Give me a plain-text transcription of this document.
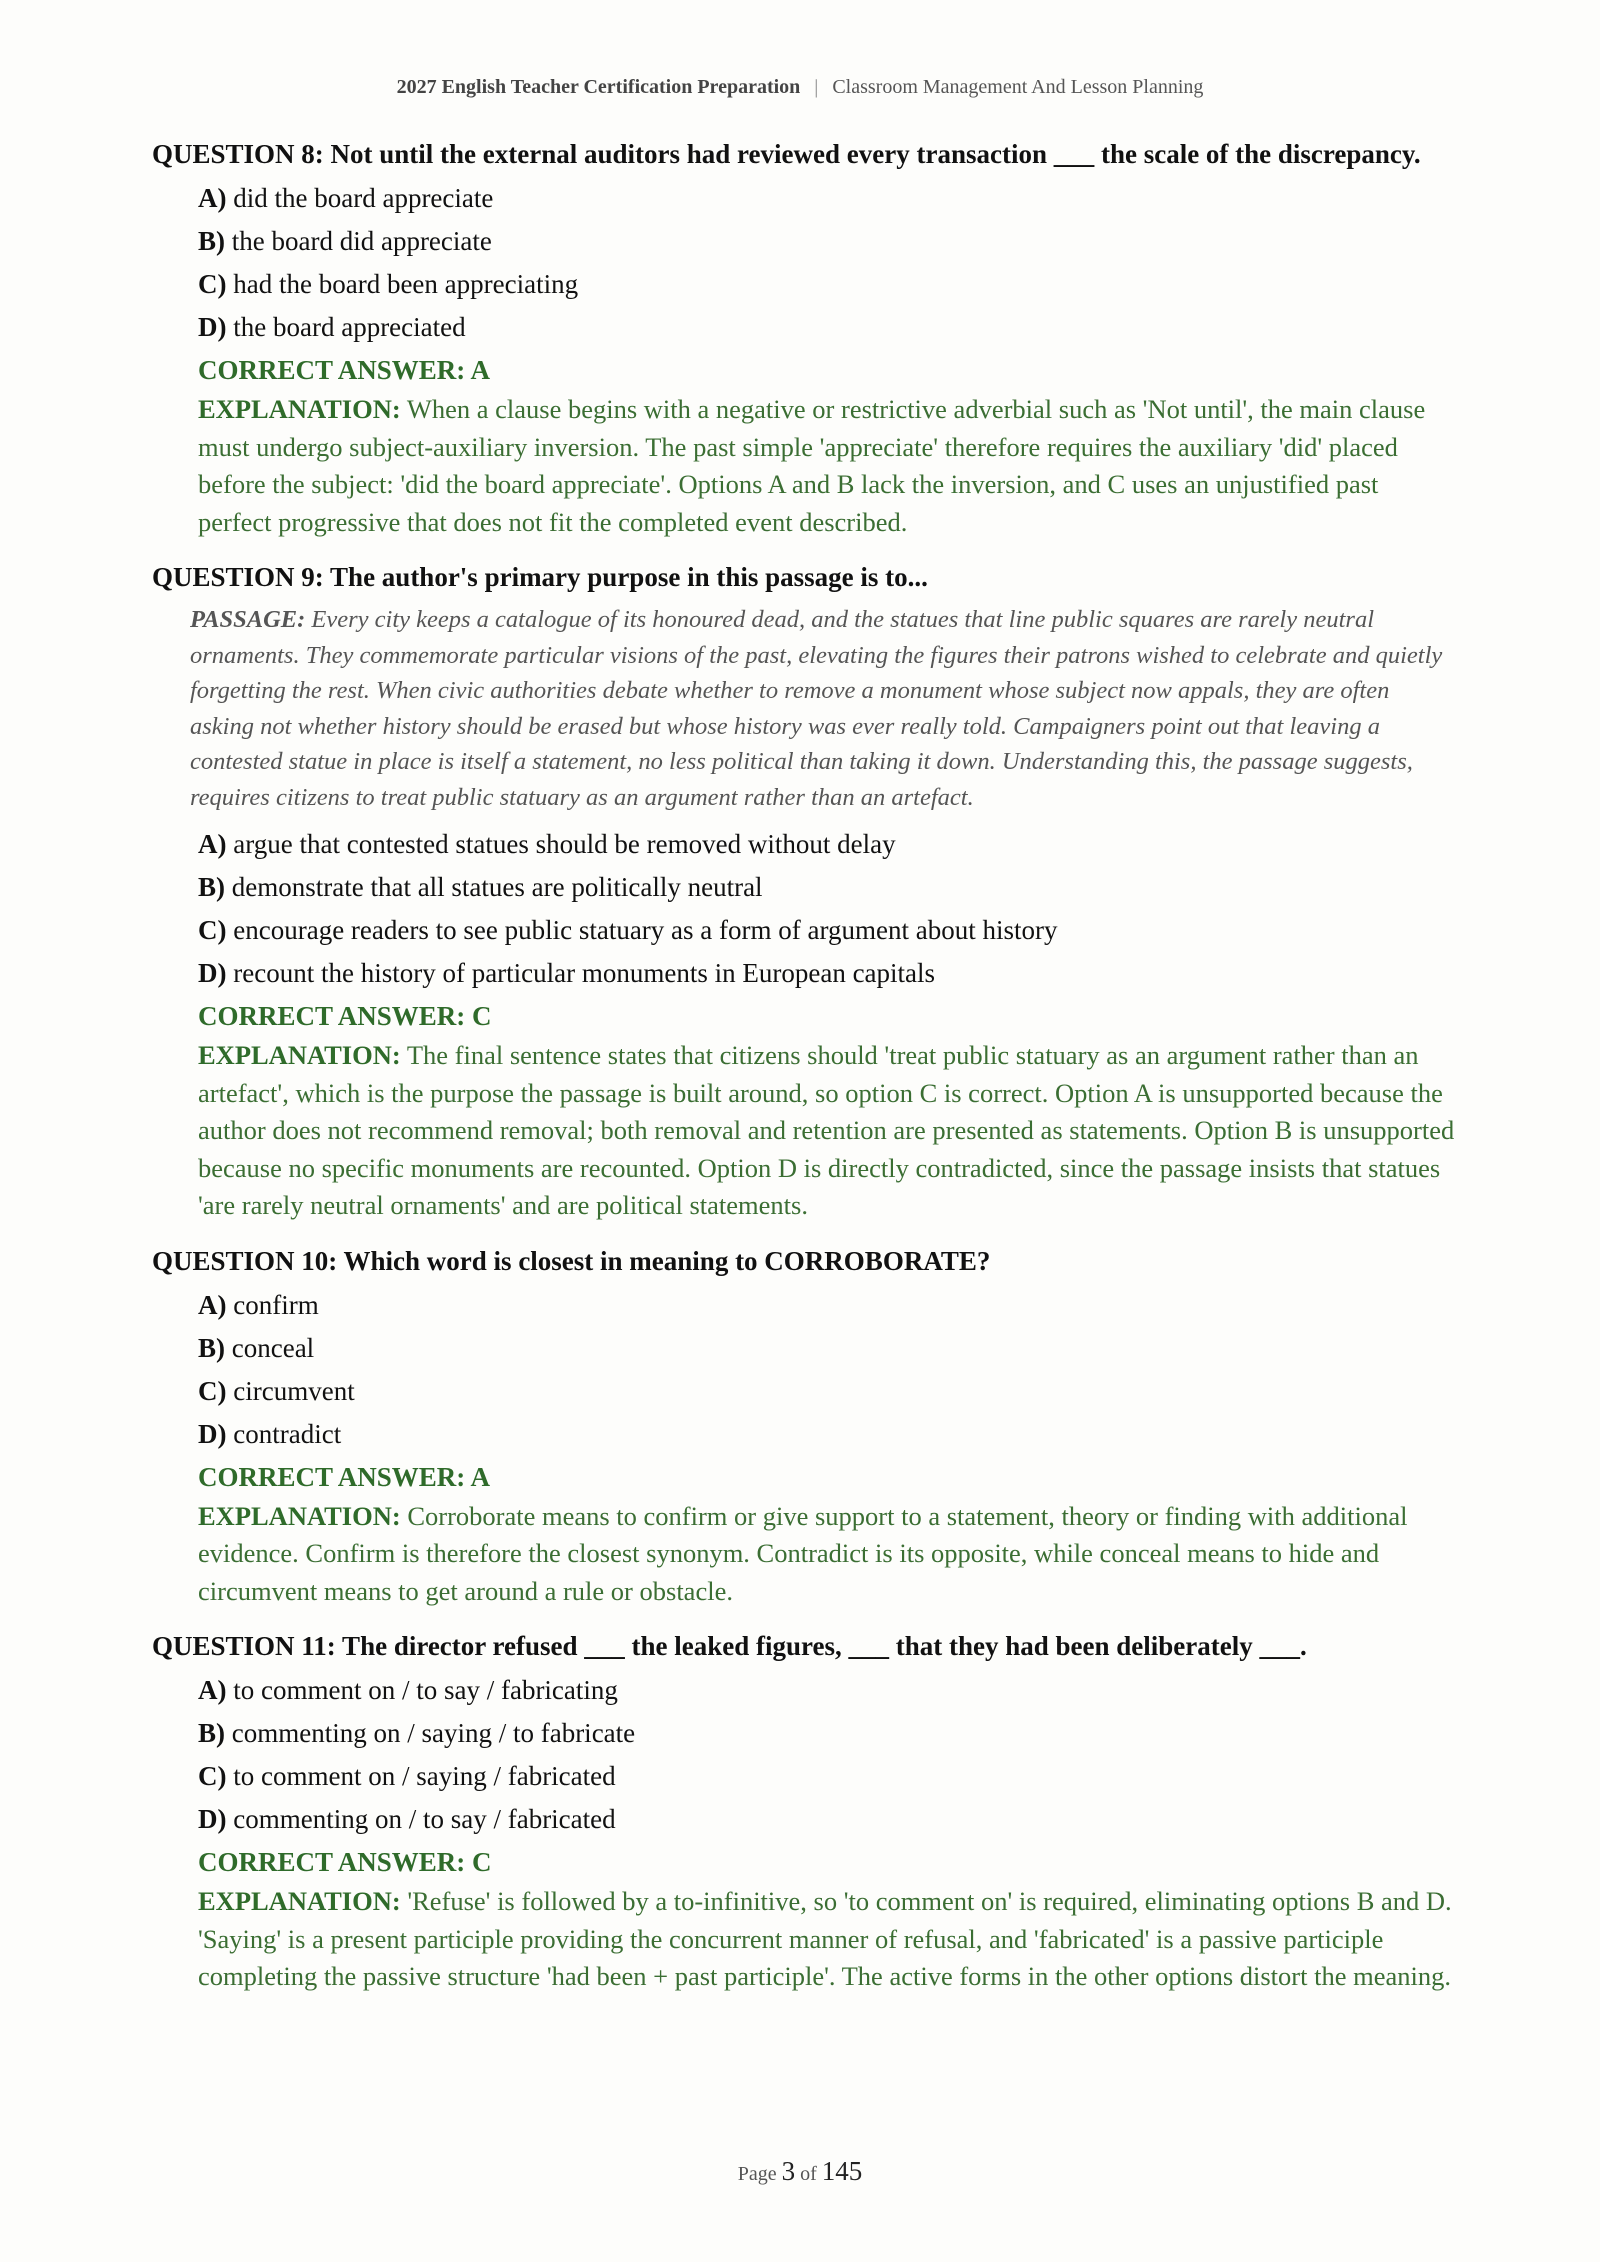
2027 English Teacher Certification Preparation | Classroom Management And Lesson Planning
QUESTION 8: Not until the external auditors had reviewed every transaction ___ the scale of the discrepancy.
A) did the board appreciate
B) the board did appreciate
C) had the board been appreciating
D) the board appreciated
CORRECT ANSWER: A
EXPLANATION: When a clause begins with a negative or restrictive adverbial such as 'Not until', the main clause must undergo subject-auxiliary inversion. The past simple 'appreciate' therefore requires the auxiliary 'did' placed before the subject: 'did the board appreciate'. Options A and B lack the inversion, and C uses an unjustified past perfect progressive that does not fit the completed event described.
QUESTION 9: The author's primary purpose in this passage is to...
PASSAGE: Every city keeps a catalogue of its honoured dead, and the statues that line public squares are rarely neutral ornaments. They commemorate particular visions of the past, elevating the figures their patrons wished to celebrate and quietly forgetting the rest. When civic authorities debate whether to remove a monument whose subject now appals, they are often asking not whether history should be erased but whose history was ever really told. Campaigners point out that leaving a contested statue in place is itself a statement, no less political than taking it down. Understanding this, the passage suggests, requires citizens to treat public statuary as an argument rather than an artefact.
A) argue that contested statues should be removed without delay
B) demonstrate that all statues are politically neutral
C) encourage readers to see public statuary as a form of argument about history
D) recount the history of particular monuments in European capitals
CORRECT ANSWER: C
EXPLANATION: The final sentence states that citizens should 'treat public statuary as an argument rather than an artefact', which is the purpose the passage is built around, so option C is correct. Option A is unsupported because the author does not recommend removal; both removal and retention are presented as statements. Option B is unsupported because no specific monuments are recounted. Option D is directly contradicted, since the passage insists that statues 'are rarely neutral ornaments' and are political statements.
QUESTION 10: Which word is closest in meaning to CORROBORATE?
A) confirm
B) conceal
C) circumvent
D) contradict
CORRECT ANSWER: A
EXPLANATION: Corroborate means to confirm or give support to a statement, theory or finding with additional evidence. Confirm is therefore the closest synonym. Contradict is its opposite, while conceal means to hide and circumvent means to get around a rule or obstacle.
QUESTION 11: The director refused ___ the leaked figures, ___ that they had been deliberately ___.
A) to comment on / to say / fabricating
B) commenting on / saying / to fabricate
C) to comment on / saying / fabricated
D) commenting on / to say / fabricated
CORRECT ANSWER: C
EXPLANATION: 'Refuse' is followed by a to-infinitive, so 'to comment on' is required, eliminating options B and D. 'Saying' is a present participle providing the concurrent manner of refusal, and 'fabricated' is a passive participle completing the passive structure 'had been + past participle'. The active forms in the other options distort the meaning.
Page 3 of 145
